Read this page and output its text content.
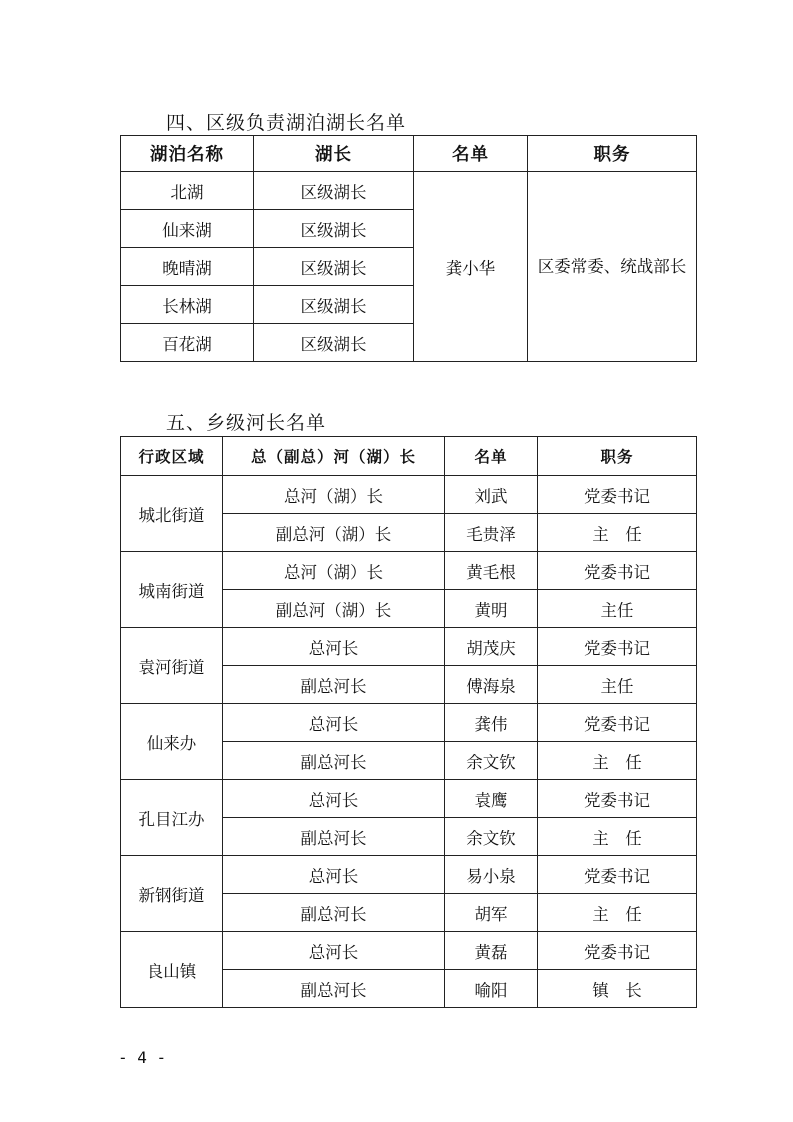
四、区级负责湖泊湖长名单
湖泊名称	湖长	名单	职务
北湖	区级湖长	龚小华	区委常委、统战部长
仙来湖	区级湖长		
晚晴湖	区级湖长		
长林湖	区级湖长		
百花湖	区级湖长		
五、乡级河长名单
行政区域	总（副总）河（湖）长	名单	职务
城北街道	总河（湖）长	刘武	党委书记
	副总河（湖）长	毛贵泽	主　任
城南街道	总河（湖）长	黄毛根	党委书记
	副总河（湖）长	黄明	主任
袁河街道	总河长	胡茂庆	党委书记
	副总河长	傅海泉	主任
仙来办	总河长	龚伟	党委书记
	副总河长	余文钦	主　任
孔目江办	总河长	袁鹰	党委书记
	副总河长	余文钦	主　任
新钢街道	总河长	易小泉	党委书记
	副总河长	胡军	主　任
良山镇	总河长	黄磊	党委书记
	副总河长	喻阳	镇　长
- 4 -
